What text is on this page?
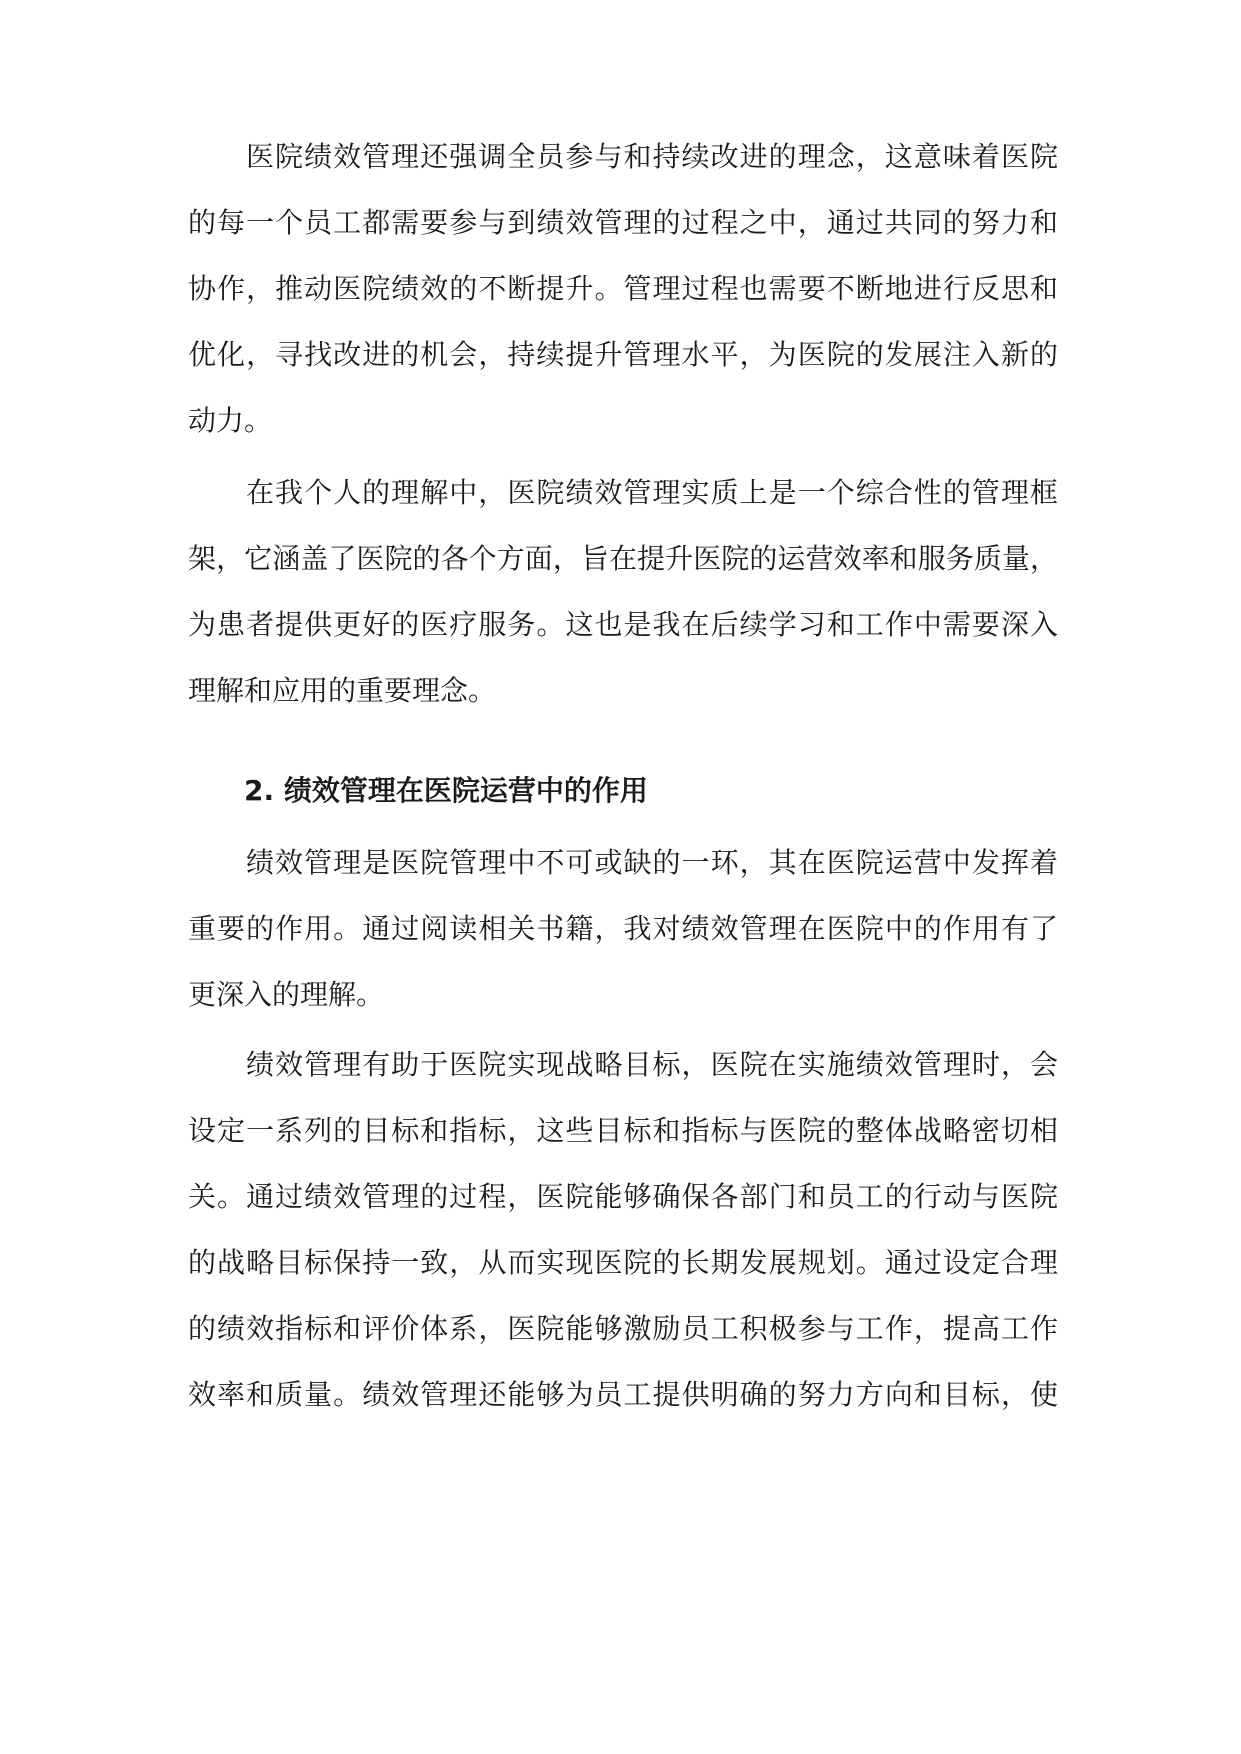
医院绩效管理还强调全员参与和持续改进的理念，这意味着医院
的每一个员工都需要参与到绩效管理的过程之中，通过共同的努力和
协作，推动医院绩效的不断提升。管理过程也需要不断地进行反思和
优化，寻找改进的机会，持续提升管理水平，为医院的发展注入新的
动力。
在我个人的理解中，医院绩效管理实质上是一个综合性的管理框
架，它涵盖了医院的各个方面，旨在提升医院的运营效率和服务质量，
为患者提供更好的医疗服务。这也是我在后续学习和工作中需要深入
理解和应用的重要理念。
2. 绩效管理在医院运营中的作用
绩效管理是医院管理中不可或缺的一环，其在医院运营中发挥着
重要的作用。通过阅读相关书籍，我对绩效管理在医院中的作用有了
更深入的理解。
绩效管理有助于医院实现战略目标，医院在实施绩效管理时，会
设定一系列的目标和指标，这些目标和指标与医院的整体战略密切相
关。通过绩效管理的过程，医院能够确保各部门和员工的行动与医院
的战略目标保持一致，从而实现医院的长期发展规划。通过设定合理
的绩效指标和评价体系，医院能够激励员工积极参与工作，提高工作
效率和质量。绩效管理还能够为员工提供明确的努力方向和目标，使
